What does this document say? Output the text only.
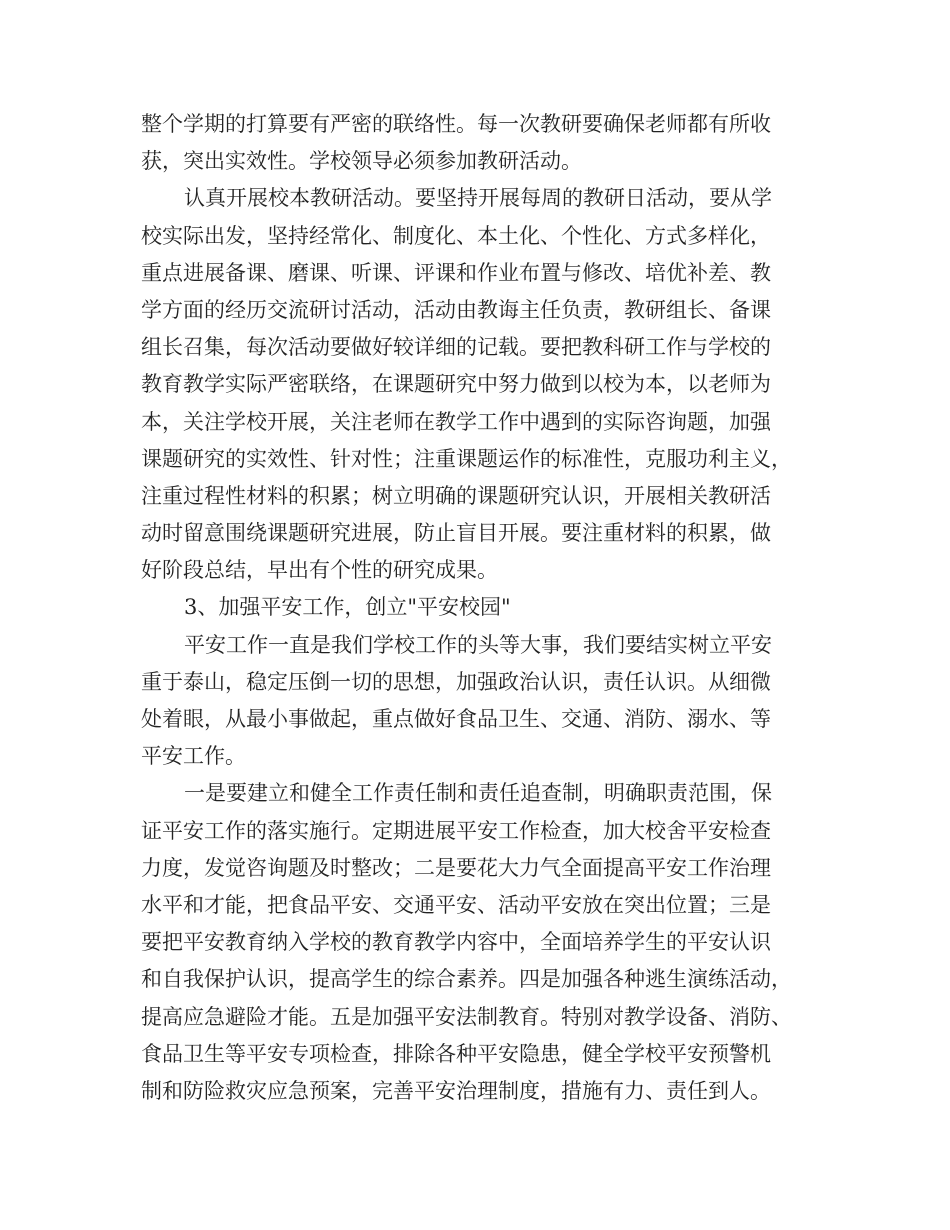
整个学期的打算要有严密的联络性。每一次教研要确保老师都有所收
获，突出实效性。学校领导必须参加教研活动。
认真开展校本教研活动。要坚持开展每周的教研日活动，要从学
校实际出发，坚持经常化、制度化、本土化、个性化、方式多样化，
重点进展备课、磨课、听课、评课和作业布置与修改、培优补差、教
学方面的经历交流研讨活动，活动由教诲主任负责，教研组长、备课
组长召集，每次活动要做好较详细的记载。要把教科研工作与学校的
教育教学实际严密联络，在课题研究中努力做到以校为本，以老师为
本，关注学校开展，关注老师在教学工作中遇到的实际咨询题，加强
课题研究的实效性、针对性；注重课题运作的标准性，克服功利主义，
注重过程性材料的积累；树立明确的课题研究认识，开展相关教研活
动时留意围绕课题研究进展，防止盲目开展。要注重材料的积累，做
好阶段总结，早出有个性的研究成果。
3、加强平安工作，创立"平安校园"
平安工作一直是我们学校工作的头等大事，我们要结实树立平安
重于泰山，稳定压倒一切的思想，加强政治认识，责任认识。从细微
处着眼，从最小事做起，重点做好食品卫生、交通、消防、溺水、等
平安工作。
一是要建立和健全工作责任制和责任追查制，明确职责范围，保
证平安工作的落实施行。定期进展平安工作检查，加大校舍平安检查
力度，发觉咨询题及时整改；二是要花大力气全面提高平安工作治理
水平和才能，把食品平安、交通平安、活动平安放在突出位置；三是
要把平安教育纳入学校的教育教学内容中，全面培养学生的平安认识
和自我保护认识，提高学生的综合素养。四是加强各种逃生演练活动，
提高应急避险才能。五是加强平安法制教育。特别对教学设备、消防、
食品卫生等平安专项检查，排除各种平安隐患，健全学校平安预警机
制和防险救灾应急预案，完善平安治理制度，措施有力、责任到人。
